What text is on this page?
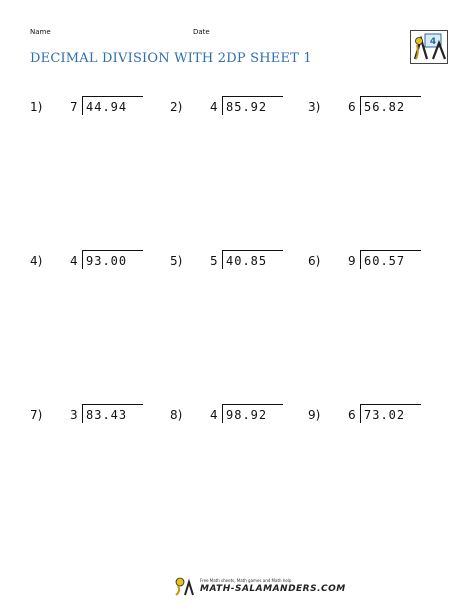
Name	Date
DECIMAL DIVISION WITH 2DP SHEET 1
4
1) 7 44.94	2) 4 85.92	3) 6 56.82
4) 4 93.00	5) 5 40.85	6) 9 60.57
7) 3 83.43	8) 4 98.92	9) 6 73.02
Free Math sheets, Math games and Math help
MATH-SALAMANDERS.COM
